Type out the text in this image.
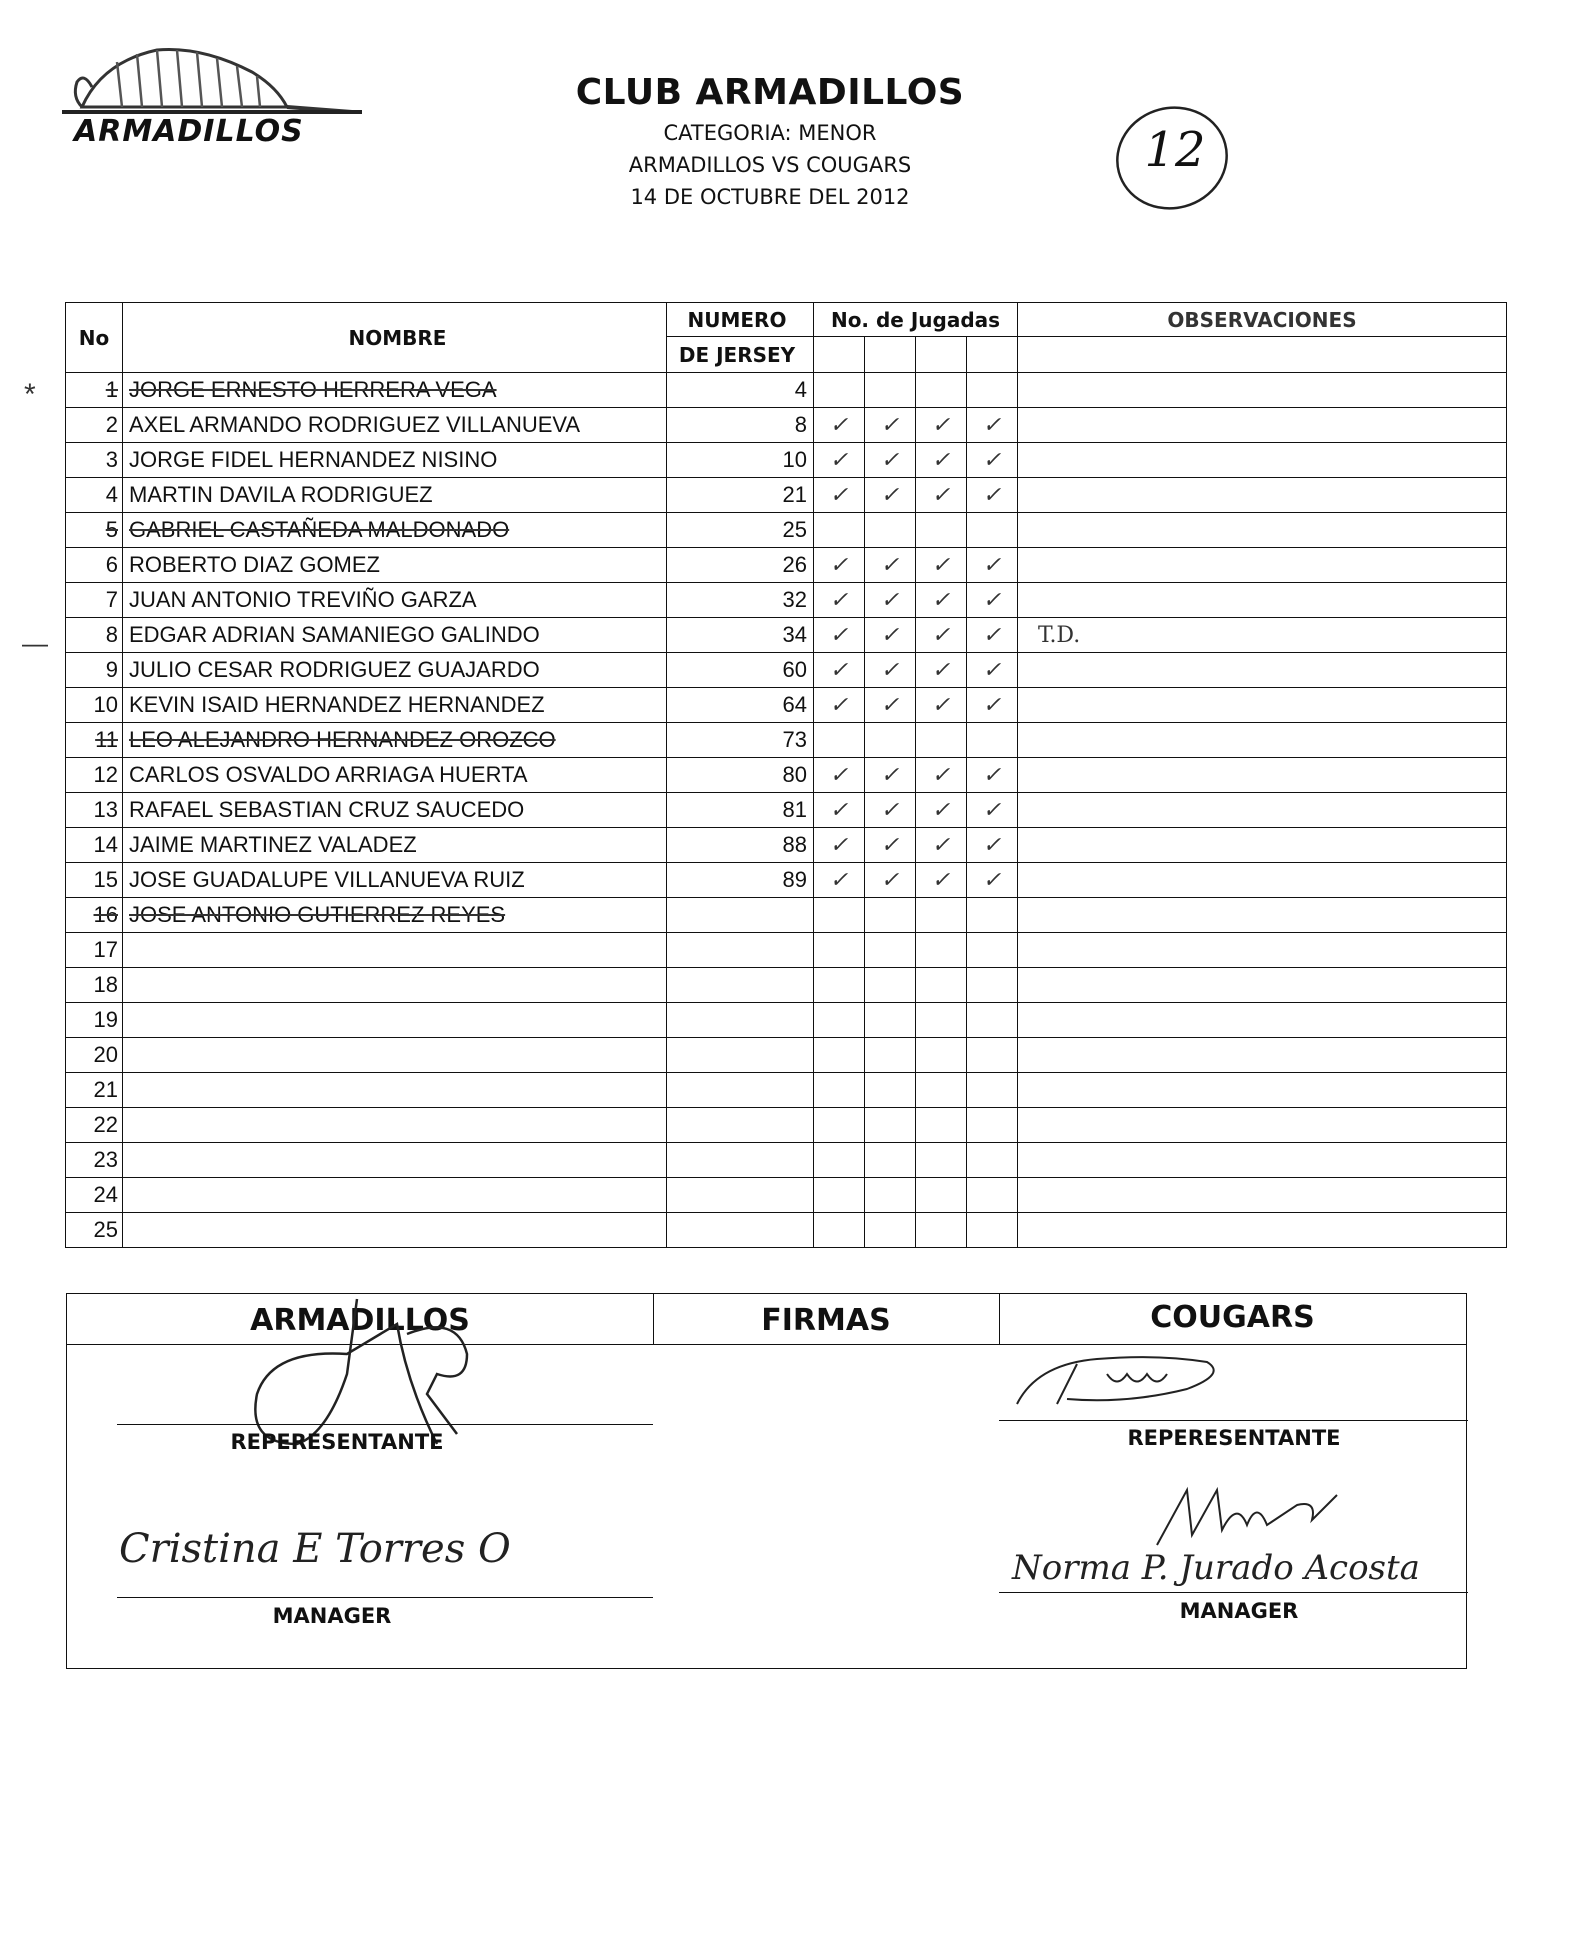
ARMADILLOS
CLUB ARMADILLOS
CATEGORIA: MENOR
ARMADILLOS VS COUGARS
14 DE OCTUBRE DEL 2012
12
*
—
No	NOMBRE	NUMERO	No. de Jugadas				OBSERVACIONES
		DE JERSEY					
1	JORGE ERNESTO HERRERA VEGA	4					
2	AXEL ARMANDO RODRIGUEZ VILLANUEVA	8	✓	✓	✓	✓	
3	JORGE FIDEL HERNANDEZ NISINO	10	✓	✓	✓	✓	
4	MARTIN DAVILA RODRIGUEZ	21	✓	✓	✓	✓	
5	GABRIEL CASTAÑEDA MALDONADO	25					
6	ROBERTO DIAZ GOMEZ	26	✓	✓	✓	✓	
7	JUAN ANTONIO TREVIÑO GARZA	32	✓	✓	✓	✓	
8	EDGAR ADRIAN SAMANIEGO GALINDO	34	✓	✓	✓	✓	T.D.
9	JULIO CESAR RODRIGUEZ GUAJARDO	60	✓	✓	✓	✓	
10	KEVIN ISAID HERNANDEZ HERNANDEZ	64	✓	✓	✓	✓	
11	LEO ALEJANDRO HERNANDEZ OROZCO	73					
12	CARLOS OSVALDO ARRIAGA HUERTA	80	✓	✓	✓	✓	
13	RAFAEL SEBASTIAN CRUZ SAUCEDO	81	✓	✓	✓	✓	
14	JAIME MARTINEZ VALADEZ	88	✓	✓	✓	✓	
15	JOSE GUADALUPE VILLANUEVA RUIZ	89	✓	✓	✓	✓	
16	JOSE ANTONIO GUTIERREZ REYES						
17							
18							
19							
20							
21							
22							
23							
24							
25							
ARMADILLOS	FIRMAS	COUGARS
REPERESENTANTE	REPERESENTANTE
Cristina E Torres O
MANAGER
Norma P. Jurado Acosta
MANAGER
